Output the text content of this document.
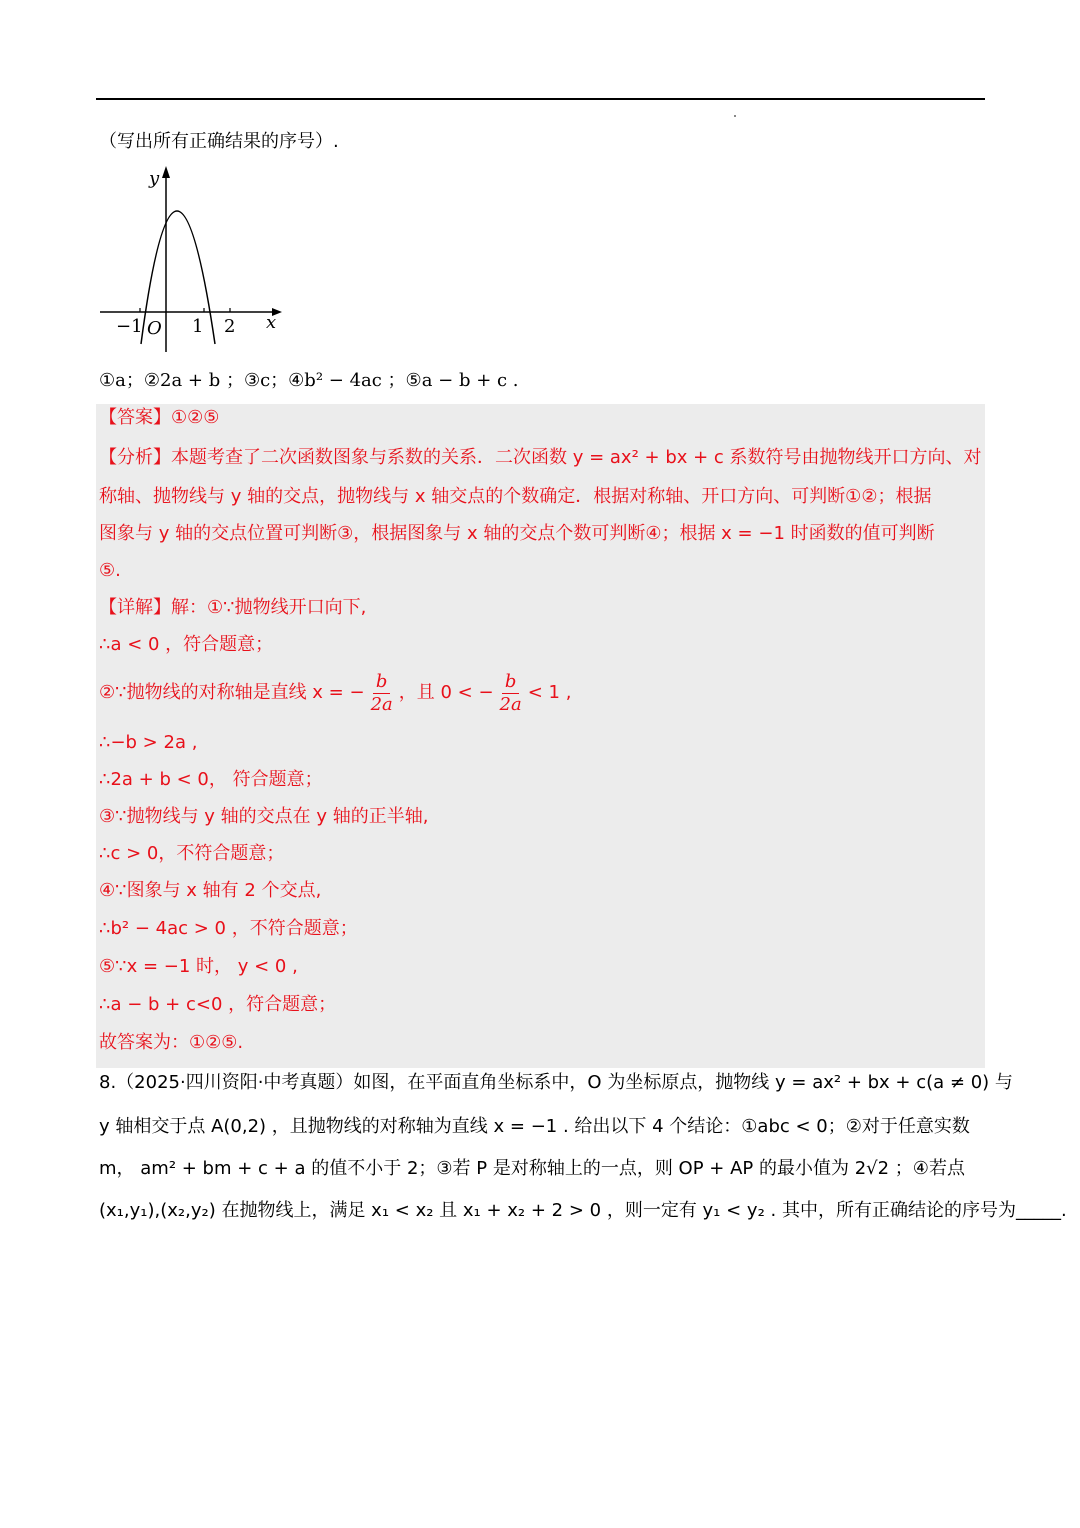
（写出所有正确结果的序号）.
y
x
−1 O 1 2
①a；②2a + b ；③c；④b² − 4ac ；⑤a − b + c .
【答案】①②⑤
【分析】本题考查了二次函数图象与系数的关系．二次函数 y = ax² + bx + c 系数符号由抛物线开口方向、对
称轴、抛物线与 y 轴的交点，抛物线与 x 轴交点的个数确定．根据对称轴、开口方向、可判断①②；根据
图象与 y 轴的交点位置可判断③，根据图象与 x 轴的交点个数可判断④；根据 x = −1 时函数的值可判断
⑤.
【详解】解：①∵抛物线开口向下,
∴a < 0 ，符合题意；
②∵抛物线的对称轴是直线 x = − $\frac{b}{2a}$ ，且 0 < − $\frac{b}{2a} < 1$ ,
∴−b > 2a ,
∴2a + b < 0， 符合题意；
③∵抛物线与 y 轴的交点在 y 轴的正半轴,
∴c > 0，不符合题意；
④∵图象与 x 轴有 2 个交点,
∴b² − 4ac > 0 ，不符合题意；
⑤∵x = −1 时， y < 0 ,
∴a − b + c<0 ，符合题意；
故答案为：①②⑤.
8.（2025·四川资阳·中考真题）如图，在平面直角坐标系中，O 为坐标原点，抛物线 y = ax² + bx + c(a ≠ 0) 与
y 轴相交于点 A(0,2) ，且抛物线的对称轴为直线 x = −1 . 给出以下 4 个结论：①abc < 0；②对于任意实数
m， am² + bm + c + a 的值不小于 2；③若 P 是对称轴上的一点，则 OP + AP 的最小值为 2√2 ；④若点
(x₁,y₁),(x₂,y₂) 在抛物线上，满足 x₁ < x₂ 且 x₁ + x₂ + 2 > 0 ，则一定有 y₁ < y₂ . 其中，所有正确结论的序号为_____.
